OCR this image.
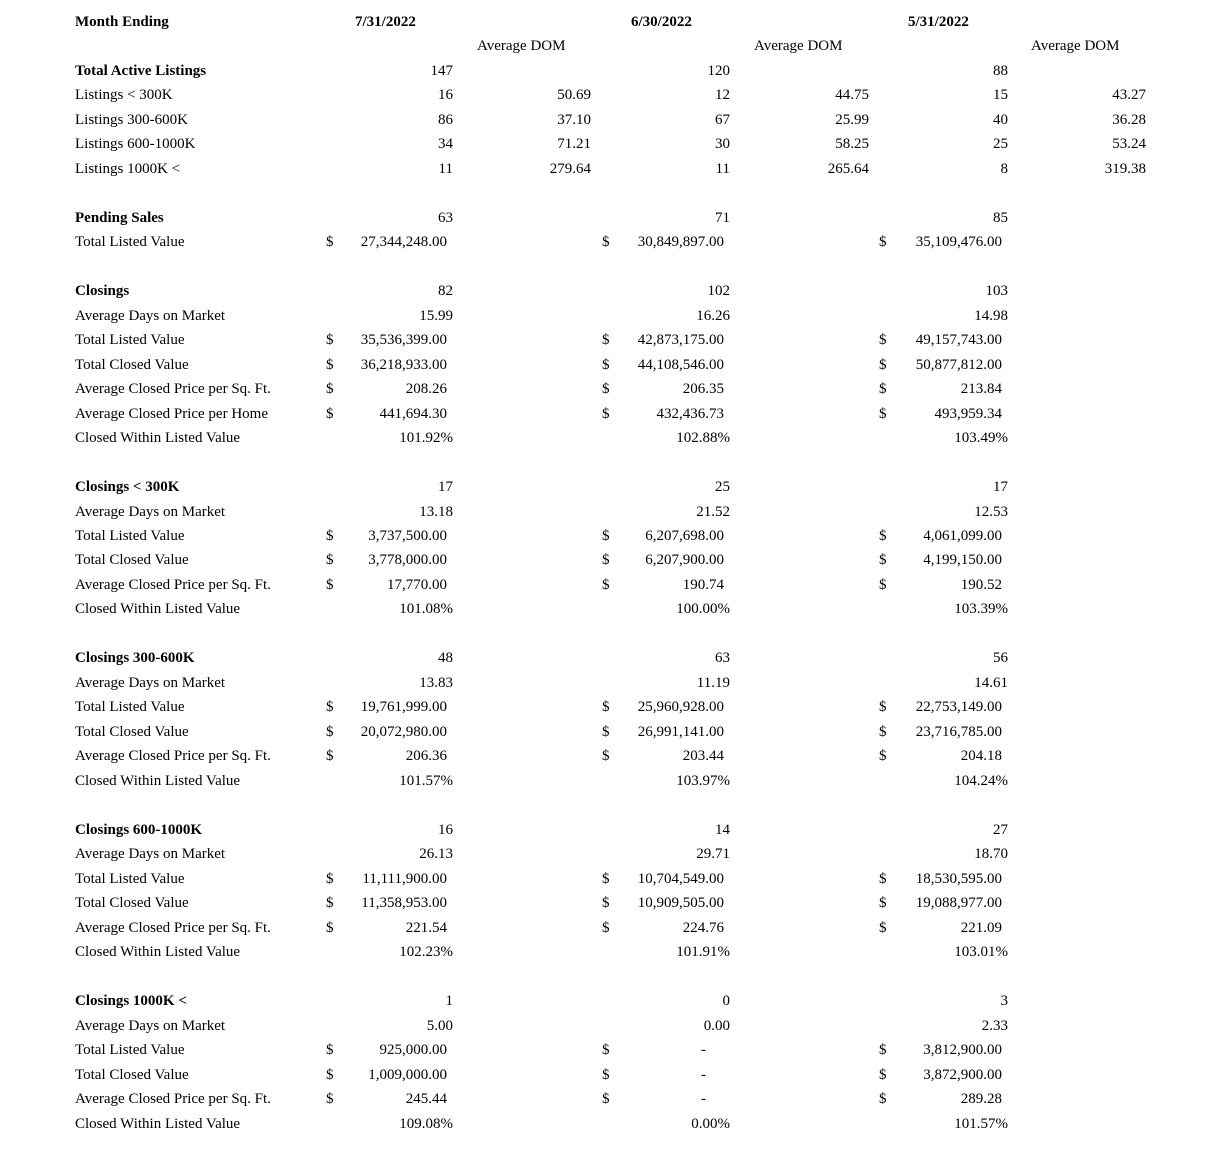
Month Ending	7/31/2022	6/30/2022	5/31/2022
Average DOM	Average DOM	Average DOM
Total Active Listings	147	120	88
Listings < 300K	16	50.69	12	44.75	15	43.27
Listings 300-600K	86	37.10	67	25.99	40	36.28
Listings 600-1000K	34	71.21	30	58.25	25	53.24
Listings 1000K <	11	279.64	11	265.64	8	319.38
Pending Sales	63	71	85
Total Listed Value	$ 27,344,248.00	$ 30,849,897.00	$ 35,109,476.00
Closings	82	102	103
Average Days on Market	15.99	16.26	14.98
Total Listed Value	$ 35,536,399.00	$ 42,873,175.00	$ 49,157,743.00
Total Closed Value	$ 36,218,933.00	$ 44,108,546.00	$ 50,877,812.00
Average Closed Price per Sq. Ft.	$	208.26	$	206.35	$	213.84
Average Closed Price per Home	$	441,694.30	$	432,436.73	$	493,959.34
Closed Within Listed Value	101.92%	102.88%	103.49%
Closings < 300K	17	25	17
Average Days on Market	13.18	21.52	12.53
Total Listed Value	$ 3,737,500.00	$ 6,207,698.00	$ 4,061,099.00
Total Closed Value	$ 3,778,000.00	$ 6,207,900.00	$ 4,199,150.00
Average Closed Price per Sq. Ft.	$	17,770.00	$	190.74	$	190.52
Closed Within Listed Value	101.08%	100.00%	103.39%
Closings 300-600K	48	63	56
Average Days on Market	13.83	11.19	14.61
Total Listed Value	$ 19,761,999.00	$ 25,960,928.00	$ 22,753,149.00
Total Closed Value	$ 20,072,980.00	$ 26,991,141.00	$ 23,716,785.00
Average Closed Price per Sq. Ft.	$	206.36	$	203.44	$	204.18
Closed Within Listed Value	101.57%	103.97%	104.24%
Closings 600-1000K	16	14	27
Average Days on Market	26.13	29.71	18.70
Total Listed Value	$ 11,111,900.00	$ 10,704,549.00	$ 18,530,595.00
Total Closed Value	$ 11,358,953.00	$ 10,909,505.00	$ 19,088,977.00
Average Closed Price per Sq. Ft.	$	221.54	$	224.76	$	221.09
Closed Within Listed Value	102.23%	101.91%	103.01%
Closings 1000K <	1	0	3
Average Days on Market	5.00	0.00	2.33
Total Listed Value	$	925,000.00	$	-	$ 3,812,900.00
Total Closed Value	$ 1,009,000.00	$	-	$ 3,872,900.00
Average Closed Price per Sq. Ft.	$	245.44	$	-	$	289.28
Closed Within Listed Value	109.08%	0.00%	101.57%
